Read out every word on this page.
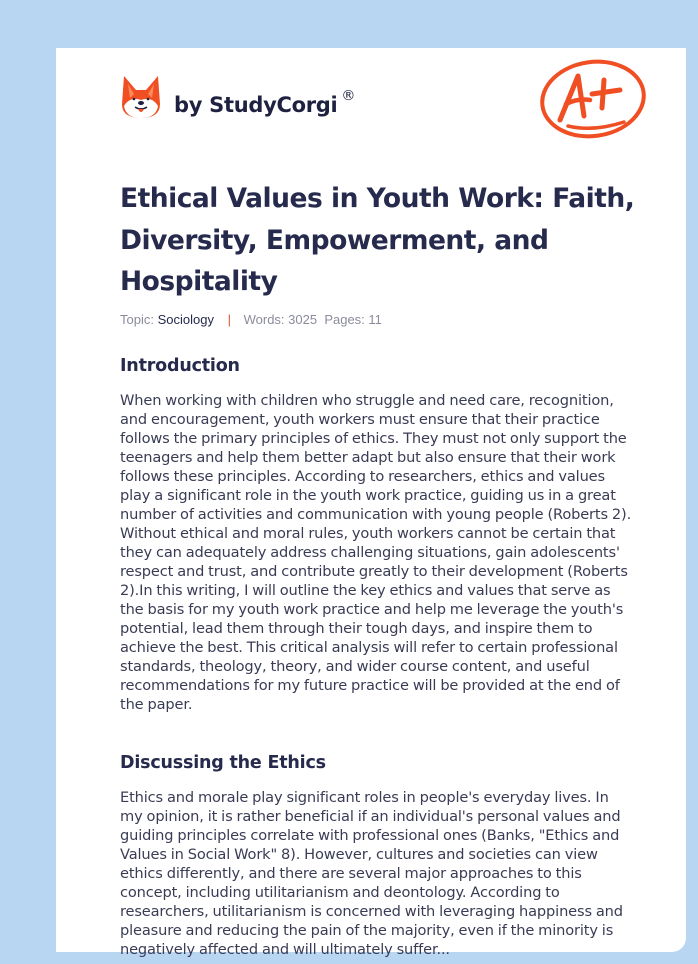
by StudyCorgi ®
Ethical Values in Youth Work: Faith, Diversity, Empowerment, and Hospitality
Topic: Sociology | Words: 3025 Pages: 11
Introduction

When working with children who struggle and need care, recognition, and encouragement, youth workers must ensure that their practice follows the primary principles of ethics. They must not only support the teenagers and help them better adapt but also ensure that their work follows these principles. According to researchers, ethics and values play a significant role in the youth work practice, guiding us in a great number of activities and communication with young people (Roberts 2). Without ethical and moral rules, youth workers cannot be certain that they can adequately address challenging situations, gain adolescents' respect and trust, and contribute greatly to their development (Roberts 2).In this writing, I will outline the key ethics and values that serve as the basis for my youth work practice and help me leverage the youth's potential, lead them through their tough days, and inspire them to achieve the best. This critical analysis will refer to certain professional standards, theology, theory, and wider course content, and useful recommendations for my future practice will be provided at the end of the paper.

Discussing the Ethics

Ethics and morale play significant roles in people's everyday lives. In my opinion, it is rather beneficial if an individual's personal values and guiding principles correlate with professional ones (Banks, "Ethics and Values in Social Work" 8). However, cultures and societies can view ethics differently, and there are several major approaches to this concept, including utilitarianism and deontology. According to researchers, utilitarianism is concerned with leveraging happiness and pleasure and reducing the pain of the majority, even if the minority is negatively affected and will ultimately suffer...
